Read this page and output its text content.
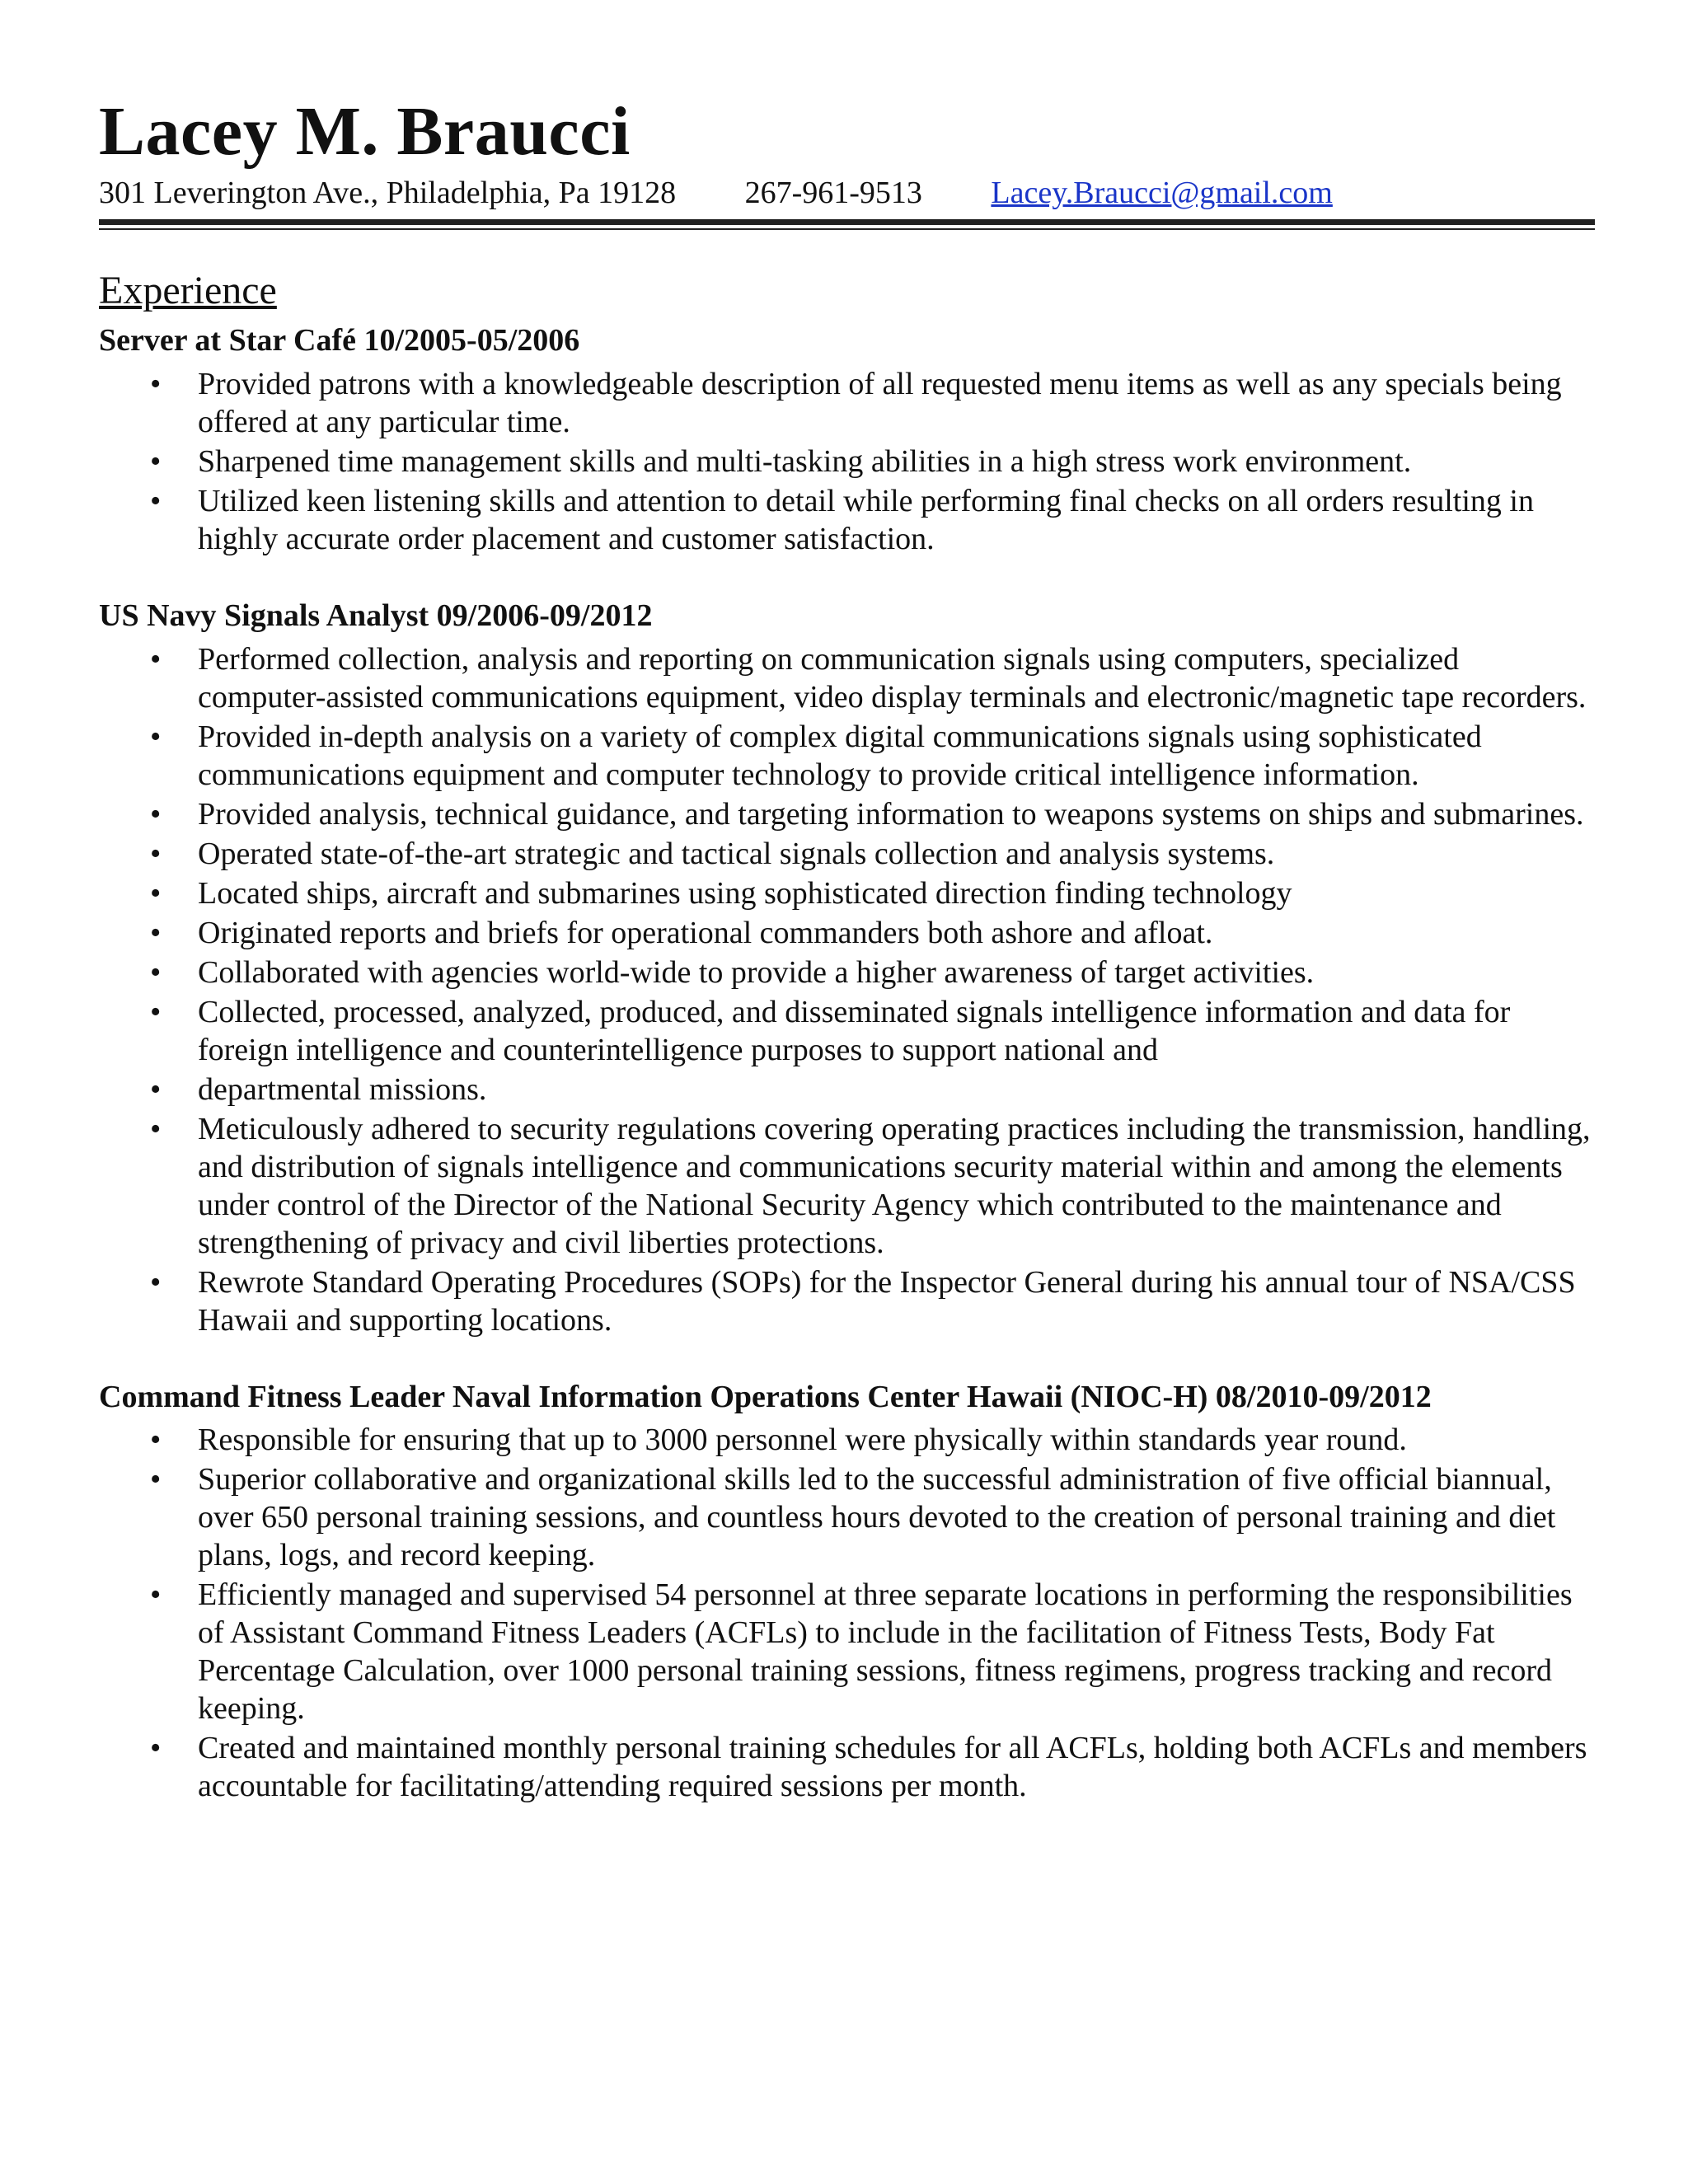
Lacey M. Braucci
301 Leverington Ave., Philadelphia, Pa 19128 267-961-9513 Lacey.Braucci@gmail.com
Experience
Server at Star Café 10/2005-05/2006
• Provided patrons with a knowledgeable description of all requested menu items as well as any specials being offered at any particular time.
• Sharpened time management skills and multi-tasking abilities in a high stress work environment.
• Utilized keen listening skills and attention to detail while performing final checks on all orders resulting in highly accurate order placement and customer satisfaction.
US Navy Signals Analyst 09/2006-09/2012
• Performed collection, analysis and reporting on communication signals using computers, specialized computer-assisted communications equipment, video display terminals and electronic/magnetic tape recorders.
• Provided in-depth analysis on a variety of complex digital communications signals using sophisticated communications equipment and computer technology to provide critical intelligence information.
• Provided analysis, technical guidance, and targeting information to weapons systems on ships and submarines.
• Operated state-of-the-art strategic and tactical signals collection and analysis systems.
• Located ships, aircraft and submarines using sophisticated direction finding technology
• Originated reports and briefs for operational commanders both ashore and afloat.
• Collaborated with agencies world-wide to provide a higher awareness of target activities.
• Collected, processed, analyzed, produced, and disseminated signals intelligence information and data for foreign intelligence and counterintelligence purposes to support national and
• departmental missions.
• Meticulously adhered to security regulations covering operating practices including the transmission, handling, and distribution of signals intelligence and communications security material within and among the elements under control of the Director of the National Security Agency which contributed to the maintenance and strengthening of privacy and civil liberties protections.
• Rewrote Standard Operating Procedures (SOPs) for the Inspector General during his annual tour of NSA/CSS Hawaii and supporting locations.
Command Fitness Leader Naval Information Operations Center Hawaii (NIOC-H) 08/2010-09/2012
• Responsible for ensuring that up to 3000 personnel were physically within standards year round.
• Superior collaborative and organizational skills led to the successful administration of five official biannual, over 650 personal training sessions, and countless hours devoted to the creation of personal training and diet plans, logs, and record keeping.
• Efficiently managed and supervised 54 personnel at three separate locations in performing the responsibilities of Assistant Command Fitness Leaders (ACFLs) to include in the facilitation of Fitness Tests, Body Fat Percentage Calculation, over 1000 personal training sessions, fitness regimens, progress tracking and record keeping.
• Created and maintained monthly personal training schedules for all ACFLs, holding both ACFLs and members accountable for facilitating/attending required sessions per month.
